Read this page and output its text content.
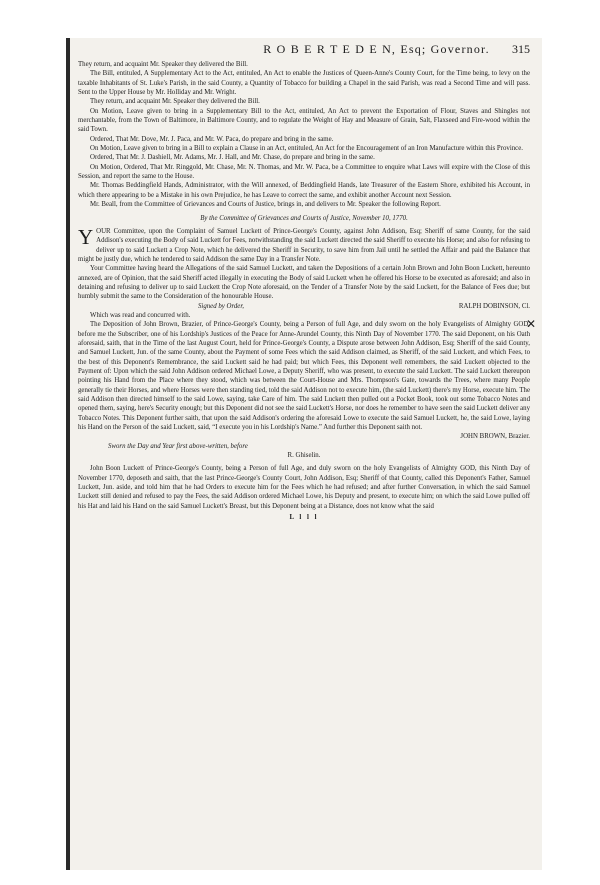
R O B E R T E D E N, Esq; Governor. 315

They return, and acquaint Mr. Speaker they delivered the Bill.

The Bill, entituled, A Supplementary Act to the Act, entituled, An Act to enable the Justices of Queen-Anne's County Court, for the Time being, to levy on the taxable Inhabitants of St. Luke's Parish, in the said County, a Quantity of Tobacco for building a Chapel in the said Parish, was read a Second Time and will pass. Sent to the Upper House by Mr. Holliday and Mr. Wright.

They return, and acquaint Mr. Speaker they delivered the Bill.

On Motion, Leave given to bring in a Supplementary Bill to the Act, entituled, An Act to prevent the Exportation of Flour, Staves and Shingles not merchantable, from the Town of Baltimore, in Baltimore County, and to regulate the Weight of Hay and Measure of Grain, Salt, Flaxseed and Fire-wood within the said Town.

Ordered, That Mr. Dove, Mr. J. Paca, and Mr. W. Paca, do prepare and bring in the same.

On Motion, Leave given to bring in a Bill to explain a Clause in an Act, entituled, An Act for the Encouragement of an Iron Manufacture within this Province.

Ordered, That Mr. J. Dashiell, Mr. Adams, Mr. J. Hall, and Mr. Chase, do prepare and bring in the same.

On Motion, Ordered, That Mr. Ringgold, Mr. Chase, Mr. N. Thomas, and Mr. W. Paca, be a Committee to enquire what Laws will expire with the Close of this Session, and report the same to the House.

Mr. Thomas Beddingfield Hands, Administrator, with the Will annexed, of Beddingfield Hands, late Treasurer of the Eastern Shore, exhibited his Account, in which there appearing to be a Mistake in his own Prejudice, he has Leave to correct the same, and exhibit another Account next Session.

Mr. Beall, from the Committee of Grievances and Courts of Justice, brings in, and delivers to Mr. Speaker the following Report.

By the Committee of Grievances and Courts of Justice, November 10, 1770.

YOUR Committee, upon the Complaint of Samuel Luckett of Prince-George's County, against John Addison, Esq; Sheriff of same County, for the said Addison's executing the Body of said Luckett for Fees, notwithstanding the said Luckett directed the said Sheriff to execute his Horse; and also for refusing to deliver up to said Luckett a Crop Note, which he delivered the Sheriff in Security, to save him from Jail until he settled the Affair and paid the Balance that might be justly due, which he tendered to said Addison the same Day in a Transfer Note.

Your Committee having heard the Allegations of the said Samuel Luckett, and taken the Depositions of a certain John Brown and John Boon Luckett, hereunto annexed, are of Opinion, that the said Sheriff acted illegally in executing the Body of said Luckett when he offered his Horse to be executed as aforesaid; and also in detaining and refusing to deliver up to said Luckett the Crop Note aforesaid, on the Tender of a Transfer Note by the said Luckett, for the Balance of Fees due; but humbly submit the same to the Consideration of the honourable House.

Signed by Order,	RALPH DOBINSON, Cl.

Which was read and concurred with.

The Deposition of John Brown, Brazier, of Prince-George's County, being a Person of full Age, and duly sworn on the holy Evangelists of Almighty GOD, before me the Subscriber, one of his Lordship's Justices of the Peace for Anne-Arundel County, this Ninth Day of November 1770. The said Deponent, on his Oath aforesaid, saith, that in the Time of the last August Court, held for Prince-George's County, a Dispute arose between John Addison, Esq; Sheriff of the said County, and Samuel Luckett, Jun. of the same County, about the Payment of some Fees which the said Addison claimed, as Sheriff, of the said Luckett, and which Fees, to the best of this Deponent's Remembrance, the said Luckett said he had paid; but which Fees, this Deponent well remembers, the said Luckett objected to the Payment of: Upon which the said John Addison ordered Michael Lowe, a Deputy Sheriff, who was present, to execute the said Luckett. The said Luckett thereupon pointing his Hand from the Place where they stood, which was between the Court-House and Mrs. Thompson's Gate, towards the Trees, where many People generally tie their Horses, and where Horses were then standing tied, told the said Addison not to execute him, (the said Luckett) there's my Horse, execute him. The said Addison then directed himself to the said Lowe, saying, take Care of him. The said Luckett then pulled out a Pocket Book, took out some Tobacco Notes and opened them, saying, here's Security enough; but this Deponent did not see the said Luckett's Horse, nor does he remember to have seen the said Luckett deliver any Tobacco Notes. This Deponent further saith, that upon the said Addison's ordering the aforesaid Lowe to execute the said Samuel Luckett, he, the said Lowe, laying his Hand on the Person of the said Luckett, said, “I execute you in his Lordship's Name.” And further this Deponent saith not.

JOHN BROWN, Brazier.

Sworn the Day and Year first above-written, before

R. Ghiselin.

John Boon Luckett of Prince-George's County, being a Person of full Age, and duly sworn on the holy Evangelists of Almighty GOD, this Ninth Day of November 1770, deposeth and saith, that the last Prince-George's County Court, John Addison, Esq; Sheriff of that County, called this Deponent's Father, Samuel Luckett, Jun. aside, and told him that he had Orders to execute him for the Fees which he had refused; and after further Conversation, in which the said Samuel Luckett still denied and refused to pay the Fees, the said Addison ordered Michael Lowe, his Deputy and present, to execute him; on which the said Lowe pulled off his Hat and laid his Hand on the said Samuel Luckett's Breast, but this Deponent being at a Distance, does not know what the said

L l l l
✕
